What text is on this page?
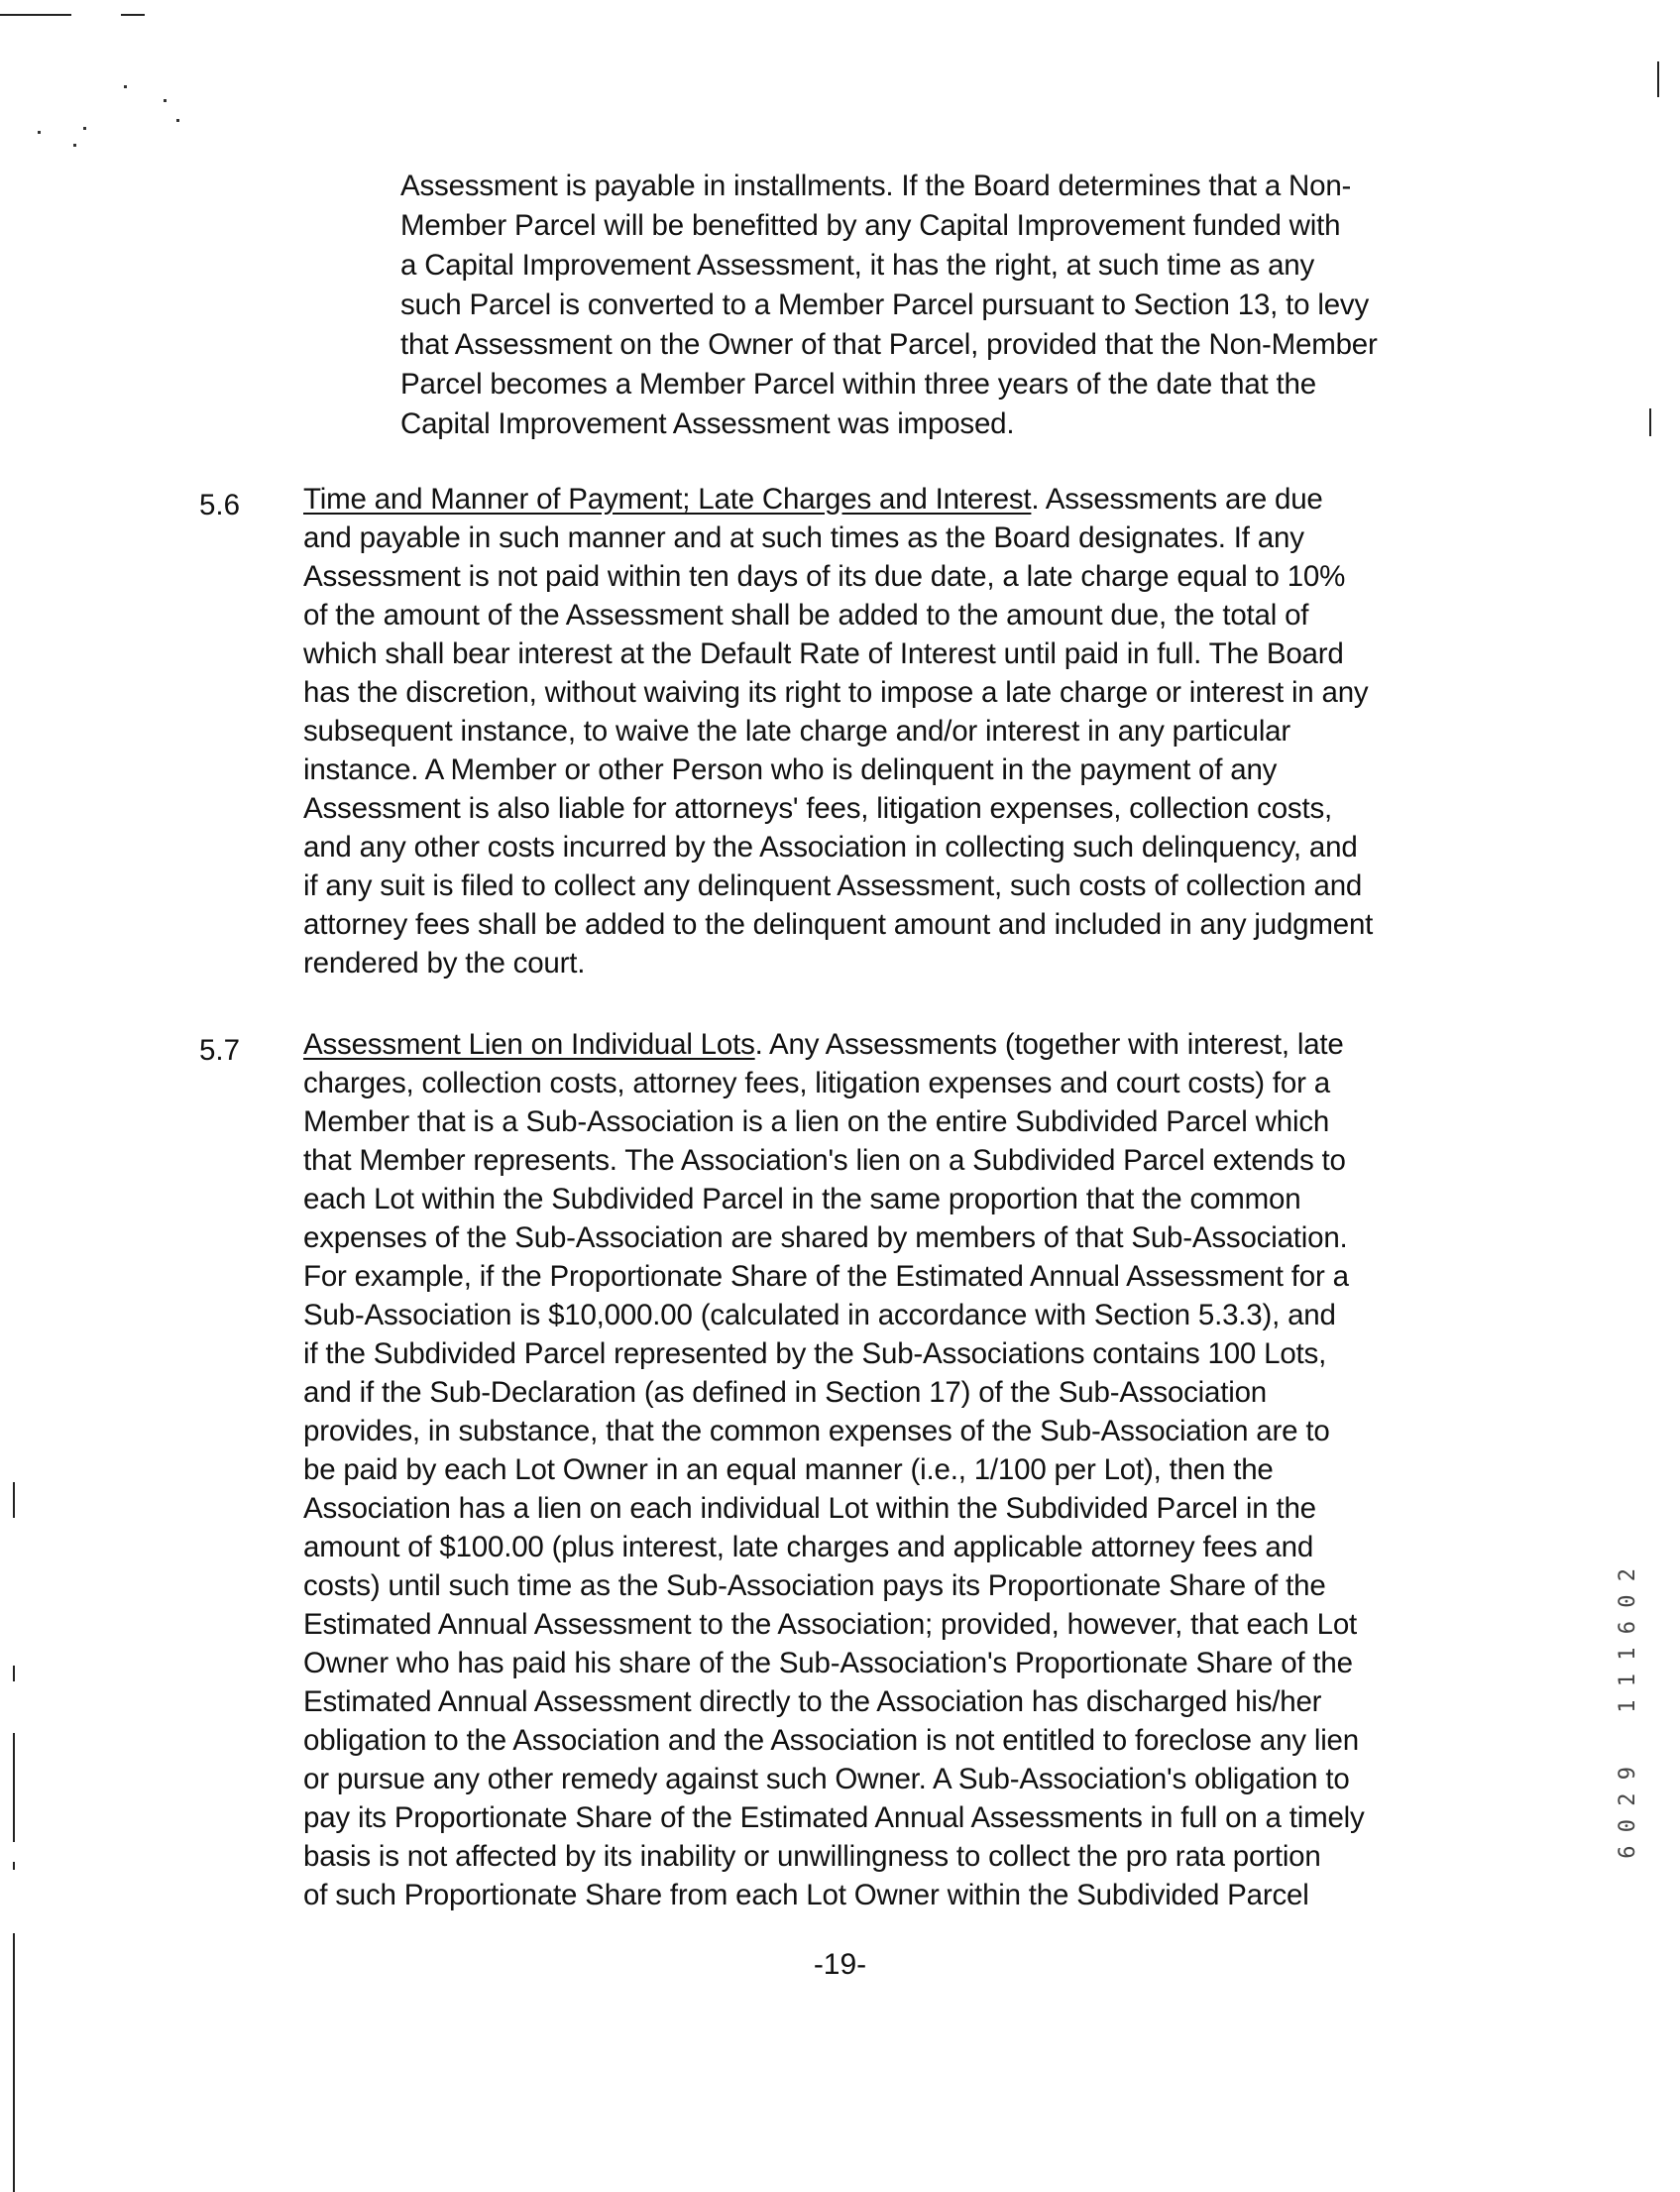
1 1 1 6 0 2
6 0 2 9
Assessment is payable in installments. If the Board determines that a Non-
Member Parcel will be benefitted by any Capital Improvement funded with
a Capital Improvement Assessment, it has the right, at such time as any
such Parcel is converted to a Member Parcel pursuant to Section 13, to levy
that Assessment on the Owner of that Parcel, provided that the Non-Member
Parcel becomes a Member Parcel within three years of the date that the
Capital Improvement Assessment was imposed.
5.6 Time and Manner of Payment; Late Charges and Interest. Assessments are due
and payable in such manner and at such times as the Board designates. If any
Assessment is not paid within ten days of its due date, a late charge equal to 10%
of the amount of the Assessment shall be added to the amount due, the total of
which shall bear interest at the Default Rate of Interest until paid in full. The Board
has the discretion, without waiving its right to impose a late charge or interest in any
subsequent instance, to waive the late charge and/or interest in any particular
instance. A Member or other Person who is delinquent in the payment of any
Assessment is also liable for attorneys' fees, litigation expenses, collection costs,
and any other costs incurred by the Association in collecting such delinquency, and
if any suit is filed to collect any delinquent Assessment, such costs of collection and
attorney fees shall be added to the delinquent amount and included in any judgment
rendered by the court.
5.7 Assessment Lien on Individual Lots. Any Assessments (together with interest, late
charges, collection costs, attorney fees, litigation expenses and court costs) for a
Member that is a Sub-Association is a lien on the entire Subdivided Parcel which
that Member represents. The Association's lien on a Subdivided Parcel extends to
each Lot within the Subdivided Parcel in the same proportion that the common
expenses of the Sub-Association are shared by members of that Sub-Association.
For example, if the Proportionate Share of the Estimated Annual Assessment for a
Sub-Association is $10,000.00 (calculated in accordance with Section 5.3.3), and
if the Subdivided Parcel represented by the Sub-Associations contains 100 Lots,
and if the Sub-Declaration (as defined in Section 17) of the Sub-Association
provides, in substance, that the common expenses of the Sub-Association are to
be paid by each Lot Owner in an equal manner (i.e., 1/100 per Lot), then the
Association has a lien on each individual Lot within the Subdivided Parcel in the
amount of $100.00 (plus interest, late charges and applicable attorney fees and
costs) until such time as the Sub-Association pays its Proportionate Share of the
Estimated Annual Assessment to the Association; provided, however, that each Lot
Owner who has paid his share of the Sub-Association's Proportionate Share of the
Estimated Annual Assessment directly to the Association has discharged his/her
obligation to the Association and the Association is not entitled to foreclose any lien
or pursue any other remedy against such Owner. A Sub-Association's obligation to
pay its Proportionate Share of the Estimated Annual Assessments in full on a timely
basis is not affected by its inability or unwillingness to collect the pro rata portion
of such Proportionate Share from each Lot Owner within the Subdivided Parcel
-19-
